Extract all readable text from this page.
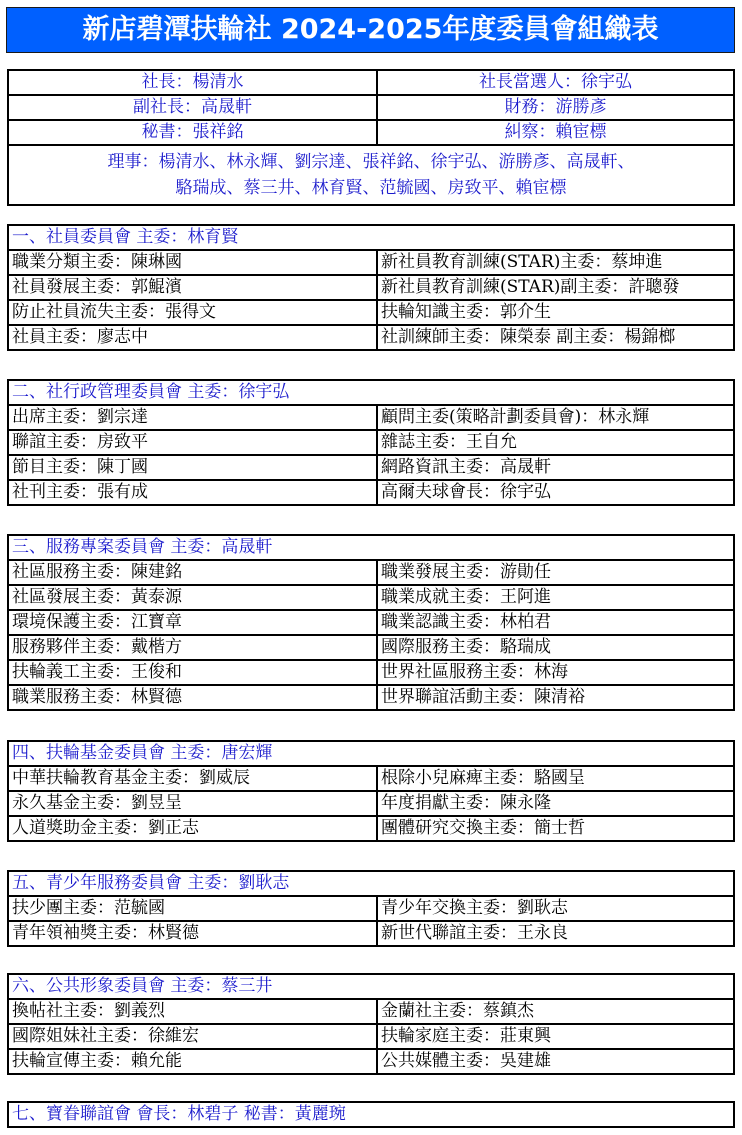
新店碧潭扶輪社 2024-2025年度委員會組織表
社長：楊清水	社長當選人：徐宇弘
副社長：高晟軒	財務：游勝彥
秘書：張祥銘	糾察：賴宦標

理事：楊清水、林永輝、劉宗達、張祥銘、徐宇弘、游勝彥、高晟軒、
駱瑞成、蔡三井、林育賢、范毓國、房致平、賴宦標	
一、社員委員會 主委：林育賢	
職業分類主委：陳琳國	新社員教育訓練(STAR)主委：蔡坤進
社員發展主委：郭鯤濱	新社員教育訓練(STAR)副主委：許聰發
防止社員流失主委：張得文	扶輪知識主委：郭介生
社員主委：廖志中	社訓練師主委：陳榮泰 副主委：楊錦榔
二、社行政管理委員會 主委：徐宇弘	
出席主委：劉宗達	顧問主委(策略計劃委員會)：林永輝
聯誼主委：房致平	雜誌主委：王自允
節目主委：陳丁國	網路資訊主委：高晟軒
社刊主委：張有成	高爾夫球會長：徐宇弘
三、服務專案委員會 主委：高晟軒	
社區服務主委：陳建銘	職業發展主委：游勛任
社區發展主委：黃泰源	職業成就主委：王阿進
環境保護主委：江寶章	職業認識主委：林柏君
服務夥伴主委：戴楷方	國際服務主委：駱瑞成
扶輪義工主委：王俊和	世界社區服務主委：林海
職業服務主委：林賢德	世界聯誼活動主委：陳清裕
四、扶輪基金委員會 主委：唐宏輝	
中華扶輪教育基金主委：劉威辰	根除小兒麻痺主委：駱國呈
永久基金主委：劉昱呈	年度捐獻主委：陳永隆
人道獎助金主委：劉正志	團體研究交換主委：簡士哲
五、青少年服務委員會 主委：劉耿志	
扶少團主委：范毓國	青少年交換主委：劉耿志
青年領袖獎主委：林賢德	新世代聯誼主委：王永良
六、公共形象委員會 主委：蔡三井	
換帖社主委：劉義烈	金蘭社主委：蔡鎮杰
國際姐妹社主委：徐維宏	扶輪家庭主委：莊東興
扶輪宣傳主委：賴允能	公共媒體主委：吳建雄
七、寶眷聯誼會 會長：林碧子 秘書：黃麗琬
